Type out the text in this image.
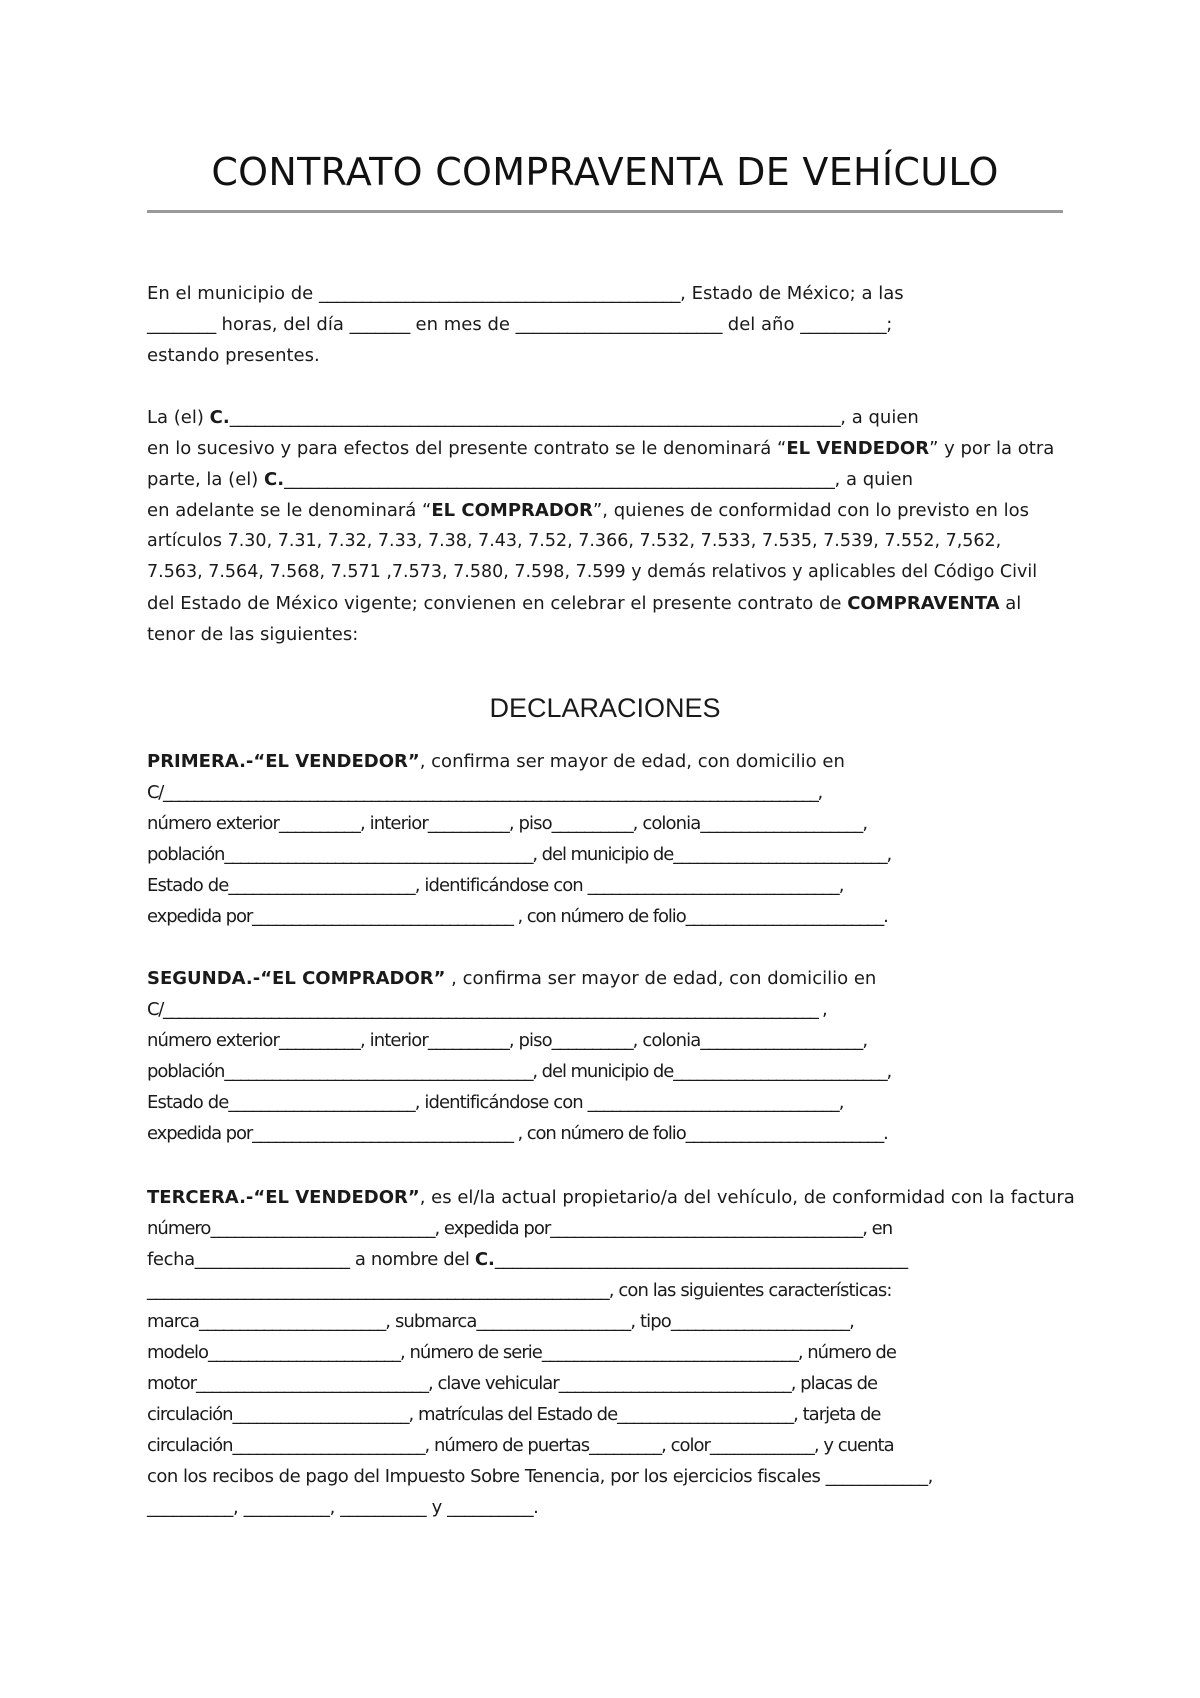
CONTRATO COMPRAVENTA DE VEHÍCULO
En el municipio de __________________________________________, Estado de México; a las
________ horas, del día _______ en mes de ________________________ del año __________;
estando presentes.
La (el) C._______________________________________________________________________, a quien
en lo sucesivo y para efectos del presente contrato se le denominará “EL VENDEDOR” y por la otra
parte, la (el) C.________________________________________________________________, a quien
en adelante se le denominará “EL COMPRADOR”, quienes de conformidad con lo previsto en los
artículos 7.30, 7.31, 7.32, 7.33, 7.38, 7.43, 7.52, 7.366, 7.532, 7.533, 7.535, 7.539, 7.552, 7,562,
7.563, 7.564, 7.568, 7.571 ,7.573, 7.580, 7.598, 7.599 y demás relativos y aplicables del Código Civil
del Estado de México vigente; convienen en celebrar el presente contrato de COMPRAVENTA al
tenor de las siguientes:
DECLARACIONES
PRIMERA.-“EL VENDEDOR”, confirma ser mayor de edad, con domicilio en
C/_____________________________________________________________________________________,
número exterior__________, interior__________, piso__________, colonia____________________,
población_______________________________________, del municipio de___________________________,
Estado de_______________________, identificándose con _______________________________,
expedida por_________________________________ , con número de folio_________________________.
SEGUNDA.-“EL COMPRADOR” , confirma ser mayor de edad, con domicilio en
C/_____________________________________________________________________________________ ,
número exterior__________, interior__________, piso__________, colonia____________________,
población_______________________________________, del municipio de___________________________,
Estado de_______________________, identificándose con _______________________________,
expedida por_________________________________ , con número de folio_________________________.
TERCERA.-“EL VENDEDOR”, es el/la actual propietario/a del vehículo, de conformidad con la factura
número____________________________, expedida por_______________________________________, en
fecha__________________ a nombre del C.________________________________________________
_________________________________________________________, con las siguientes características:
marca_______________________, submarca___________________, tipo______________________,
modelo________________________, número de serie________________________________, número de
motor_____________________________, clave vehicular_____________________________, placas de
circulación______________________, matrículas del Estado de______________________, tarjeta de
circulación________________________, número de puertas_________, color_____________, y cuenta
con los recibos de pago del Impuesto Sobre Tenencia, por los ejercicios fiscales ____________,
__________, __________, __________ y __________.
